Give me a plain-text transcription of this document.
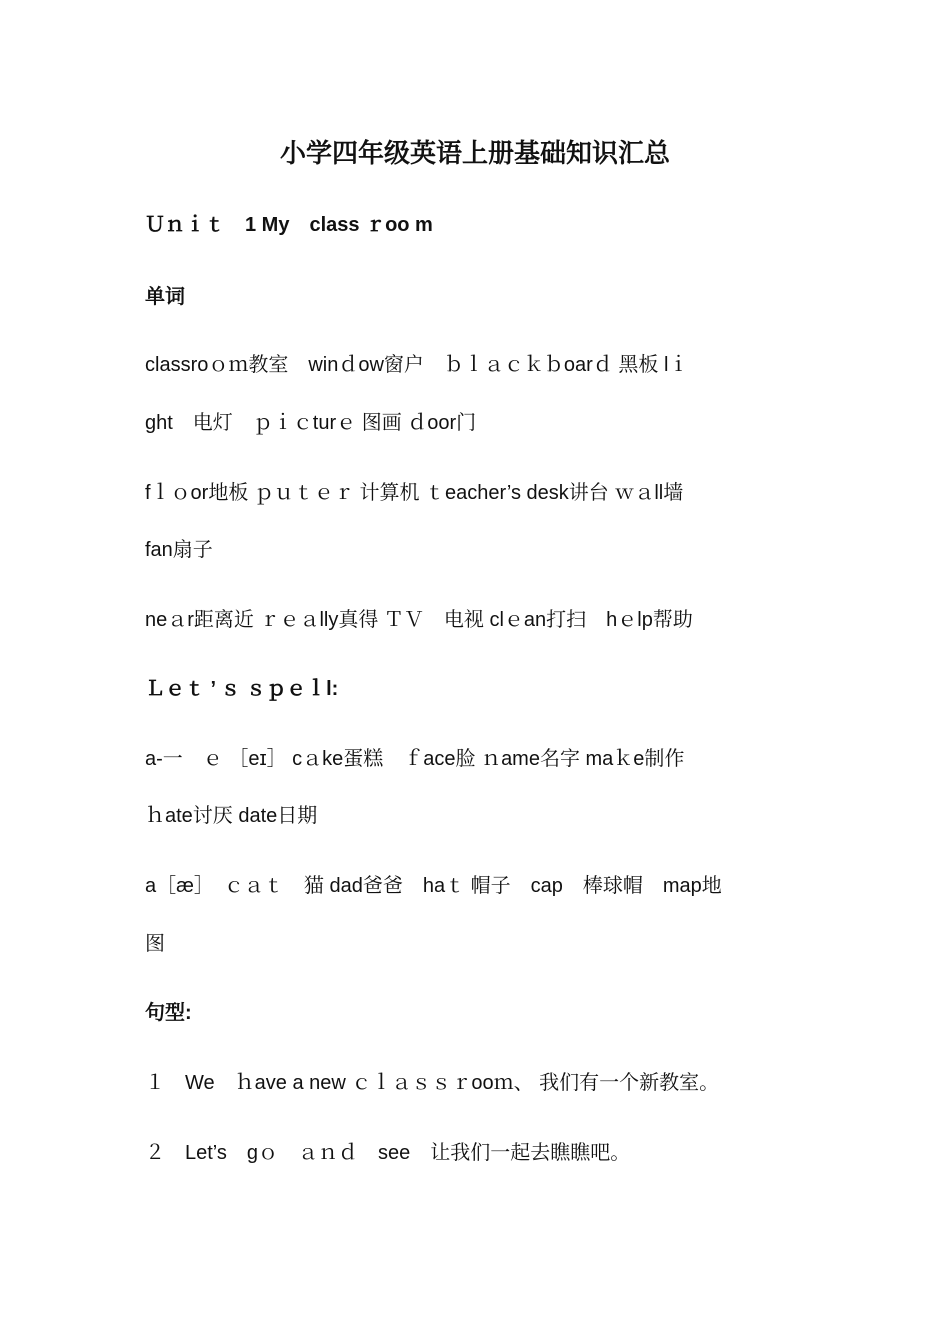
小学四年级英语上册基础知识汇总
Ｕｎｉｔ　1 My　class ｒoo m
单词
classroｏｍ教室　winｄow窗户　ｂｌａｃｋｂoarｄ 黑板 lｉ
ght　电灯　ｐｉｃturｅ 图画 ｄoor门
fｌｏor地板 ｐｕｔｅｒ 计算机 ｔeacher’s desk讲台 ｗａll墙
fan扇子
neａr距离近 ｒｅａlly真得 ＴＶ　电视 clｅan打扫　hｅlp帮助
Ｌｅｔ ’ ｓ ｓｐｅｌl:
a-一　ｅ ［eɪ］ cａke蛋糕　ｆace脸 ｎame名字 maｋe制作
ｈate讨厌 date日期
a［æ］　ｃａｔ　猫 dad爸爸　haｔ 帽子　cap　棒球帽　map地
图
句型:
１　We　ｈave a new ｃｌａｓｓｒooｍ、 我们有一个新教室。
２　Let’s　gｏ　ａｎｄ　see　让我们一起去瞧瞧吧。
